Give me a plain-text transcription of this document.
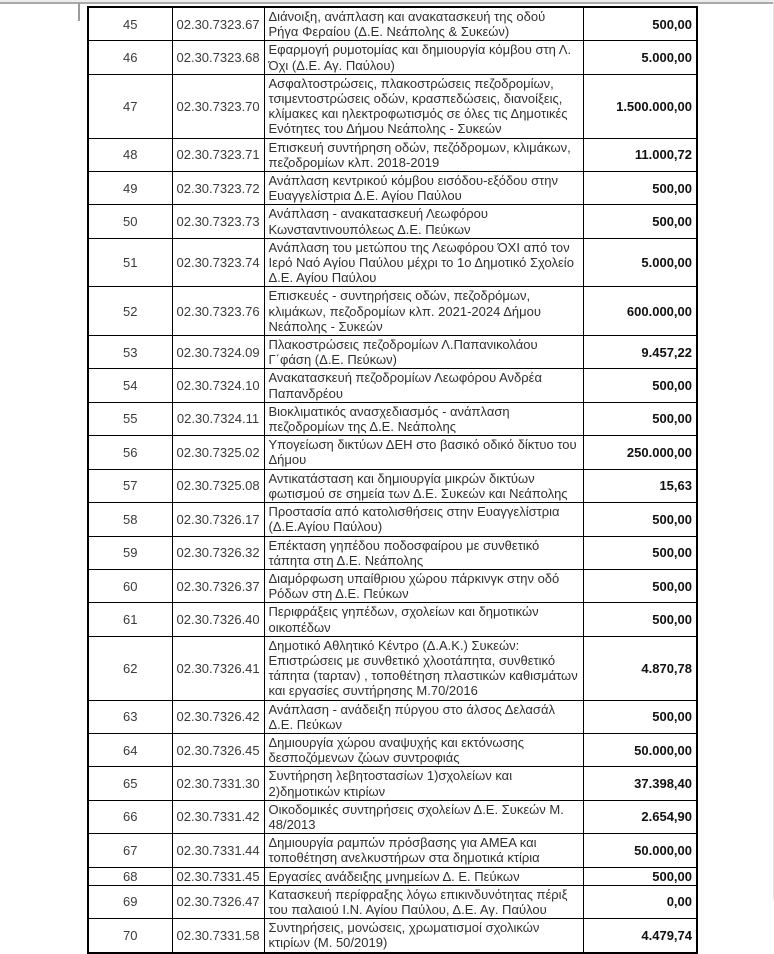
45	02.30.7323.67	Διάνοιξη, ανάπλαση και ανακατασκευή της οδού Ρήγα Φεραίου (Δ.Ε. Νεάπολης & Συκεών)	500,00
46	02.30.7323.68	Εφαρμογή ρυμοτομίας και δημιουργία κόμβου στη Λ. Όχι (Δ.Ε. Αγ. Παύλου)	5.000,00
47	02.30.7323.70	Ασφαλτοστρώσεις, πλακοστρώσεις πεζοδρομίων, τσιμεντοστρώσεις οδών, κρασπεδώσεις, διανοίξεις, κλίμακες και ηλεκτροφωτισμός σε όλες τις Δημοτικές Ενότητες του Δήμου Νεάπολης - Συκεών	1.500.000,00
48	02.30.7323.71	Επισκευή συντήρηση οδών, πεζόδρομων, κλιμάκων, πεζοδρομίων κλπ. 2018-2019	11.000,72
49	02.30.7323.72	Ανάπλαση κεντρικού κόμβου εισόδου-εξόδου στην Ευαγγελίστρια Δ.Ε. Αγίου Παύλου	500,00
50	02.30.7323.73	Ανάπλαση - ανακατασκευή Λεωφόρου Κωνσταντινουπόλεως Δ.Ε. Πεύκων	500,00
51	02.30.7323.74	Ανάπλαση του μετώπου της Λεωφόρου ΌΧΙ από τον Ιερό Ναό Αγίου Παύλου μέχρι το 1ο Δημοτικό Σχολείο Δ.Ε. Αγίου Παύλου	5.000,00
52	02.30.7323.76	Επισκευές - συντηρήσεις οδών, πεζοδρόμων, κλιμάκων, πεζοδρομίων κλπ. 2021-2024 Δήμου Νεάπολης - Συκεών	600.000,00
53	02.30.7324.09	Πλακοστρώσεις πεζοδρομίων Λ.Παπανικολάου Γ΄φάση (Δ.Ε. Πεύκων)	9.457,22
54	02.30.7324.10	Ανακατασκευή πεζοδρομίων Λεωφόρου Ανδρέα Παπανδρέου	500,00
55	02.30.7324.11	Βιοκλιματικός ανασχεδιασμός - ανάπλαση πεζοδρομίων της Δ.Ε. Νεάπολης	500,00
56	02.30.7325.02	Υπογείωση δικτύων ΔΕΗ στο βασικό οδικό δίκτυο του Δήμου	250.000,00
57	02.30.7325.08	Αντικατάσταση και δημιουργία μικρών δικτύων φωτισμού σε σημεία των Δ.Ε. Συκεών και Νεάπολης	15,63
58	02.30.7326.17	Προστασία από κατολισθήσεις στην Ευαγγελίστρια (Δ.Ε.Αγίου Παύλου)	500,00
59	02.30.7326.32	Επέκταση γηπέδου ποδοσφαίρου με συνθετικό τάπητα στη Δ.Ε. Νεάπολης	500,00
60	02.30.7326.37	Διαμόρφωση υπαίθριου χώρου πάρκινγκ στην οδό Ρόδων στη Δ.Ε. Πεύκων	500,00
61	02.30.7326.40	Περιφράξεις γηπέδων, σχολείων και δημοτικών οικοπέδων	500,00
62	02.30.7326.41	Δημοτικό Αθλητικό Κέντρο (Δ.Α.Κ.) Συκεών: Επιστρώσεις με συνθετικό χλοοτάπητα, συνθετικό τάπητα (ταρταν) , τοποθέτηση πλαστικών καθισμάτων και εργασίες συντήρησης Μ.70/2016	4.870,78
63	02.30.7326.42	Ανάπλαση - ανάδειξη πύργου στο άλσος Δελασάλ Δ.Ε. Πεύκων	500,00
64	02.30.7326.45	Δημιουργία χώρου αναψυχής και εκτόνωσης δεσποζόμενων ζώων συντροφιάς	50.000,00
65	02.30.7331.30	Συντήρηση λεβητοστασίων 1)σχολείων και 2)δημοτικών κτιρίων	37.398,40
66	02.30.7331.42	Οικοδομικές συντηρήσεις σχολείων Δ.Ε. Συκεών Μ. 48/2013	2.654,90
67	02.30.7331.44	Δημιουργία ραμπών πρόσβασης για ΑΜΕΑ και τοποθέτηση ανελκυστήρων στα δημοτικά κτίρια	50.000,00
68	02.30.7331.45	Εργασίες ανάδειξης μνημείων Δ. Ε. Πεύκων	500,00
69	02.30.7326.47	Κατασκευή περίφραξης λόγω επικινδυνότητας πέριξ του παλαιού Ι.Ν. Αγίου Παύλου, Δ.Ε. Αγ. Παύλου	0,00
70	02.30.7331.58	Συντηρήσεις, μονώσεις, χρωματισμοί σχολικών κτιρίων (Μ. 50/2019)	4.479,74
